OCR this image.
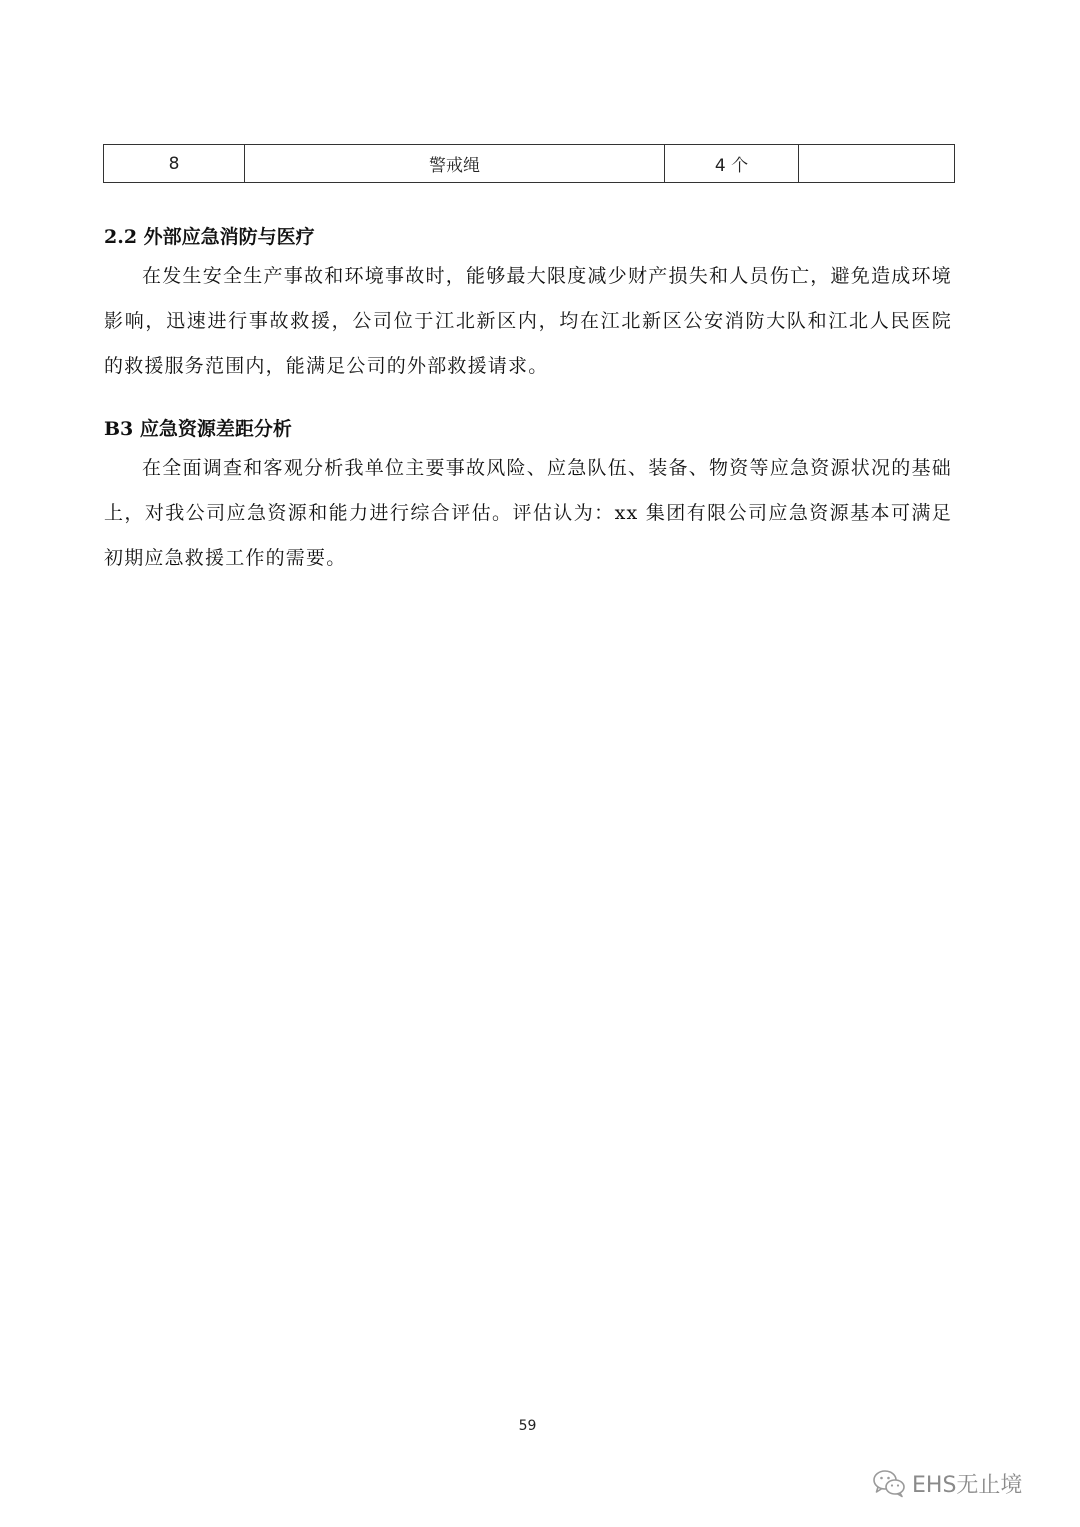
8	警戒绳	4 个	
2.2 外部应急消防与医疗

在发生安全生产事故和环境事故时，能够最大限度减少财产损失和人员伤亡，避免造成环境影响，迅速进行事故救援，公司位于江北新区内，均在江北新区公安消防大队和江北人民医院的救援服务范围内，能满足公司的外部救援请求。

B3 应急资源差距分析

在全面调查和客观分析我单位主要事故风险、应急队伍、装备、物资等应急资源状况的基础上，对我公司应急资源和能力进行综合评估。评估认为：xx 集团有限公司应急资源基本可满足初期应急救援工作的需要。

59
EHS无止境
